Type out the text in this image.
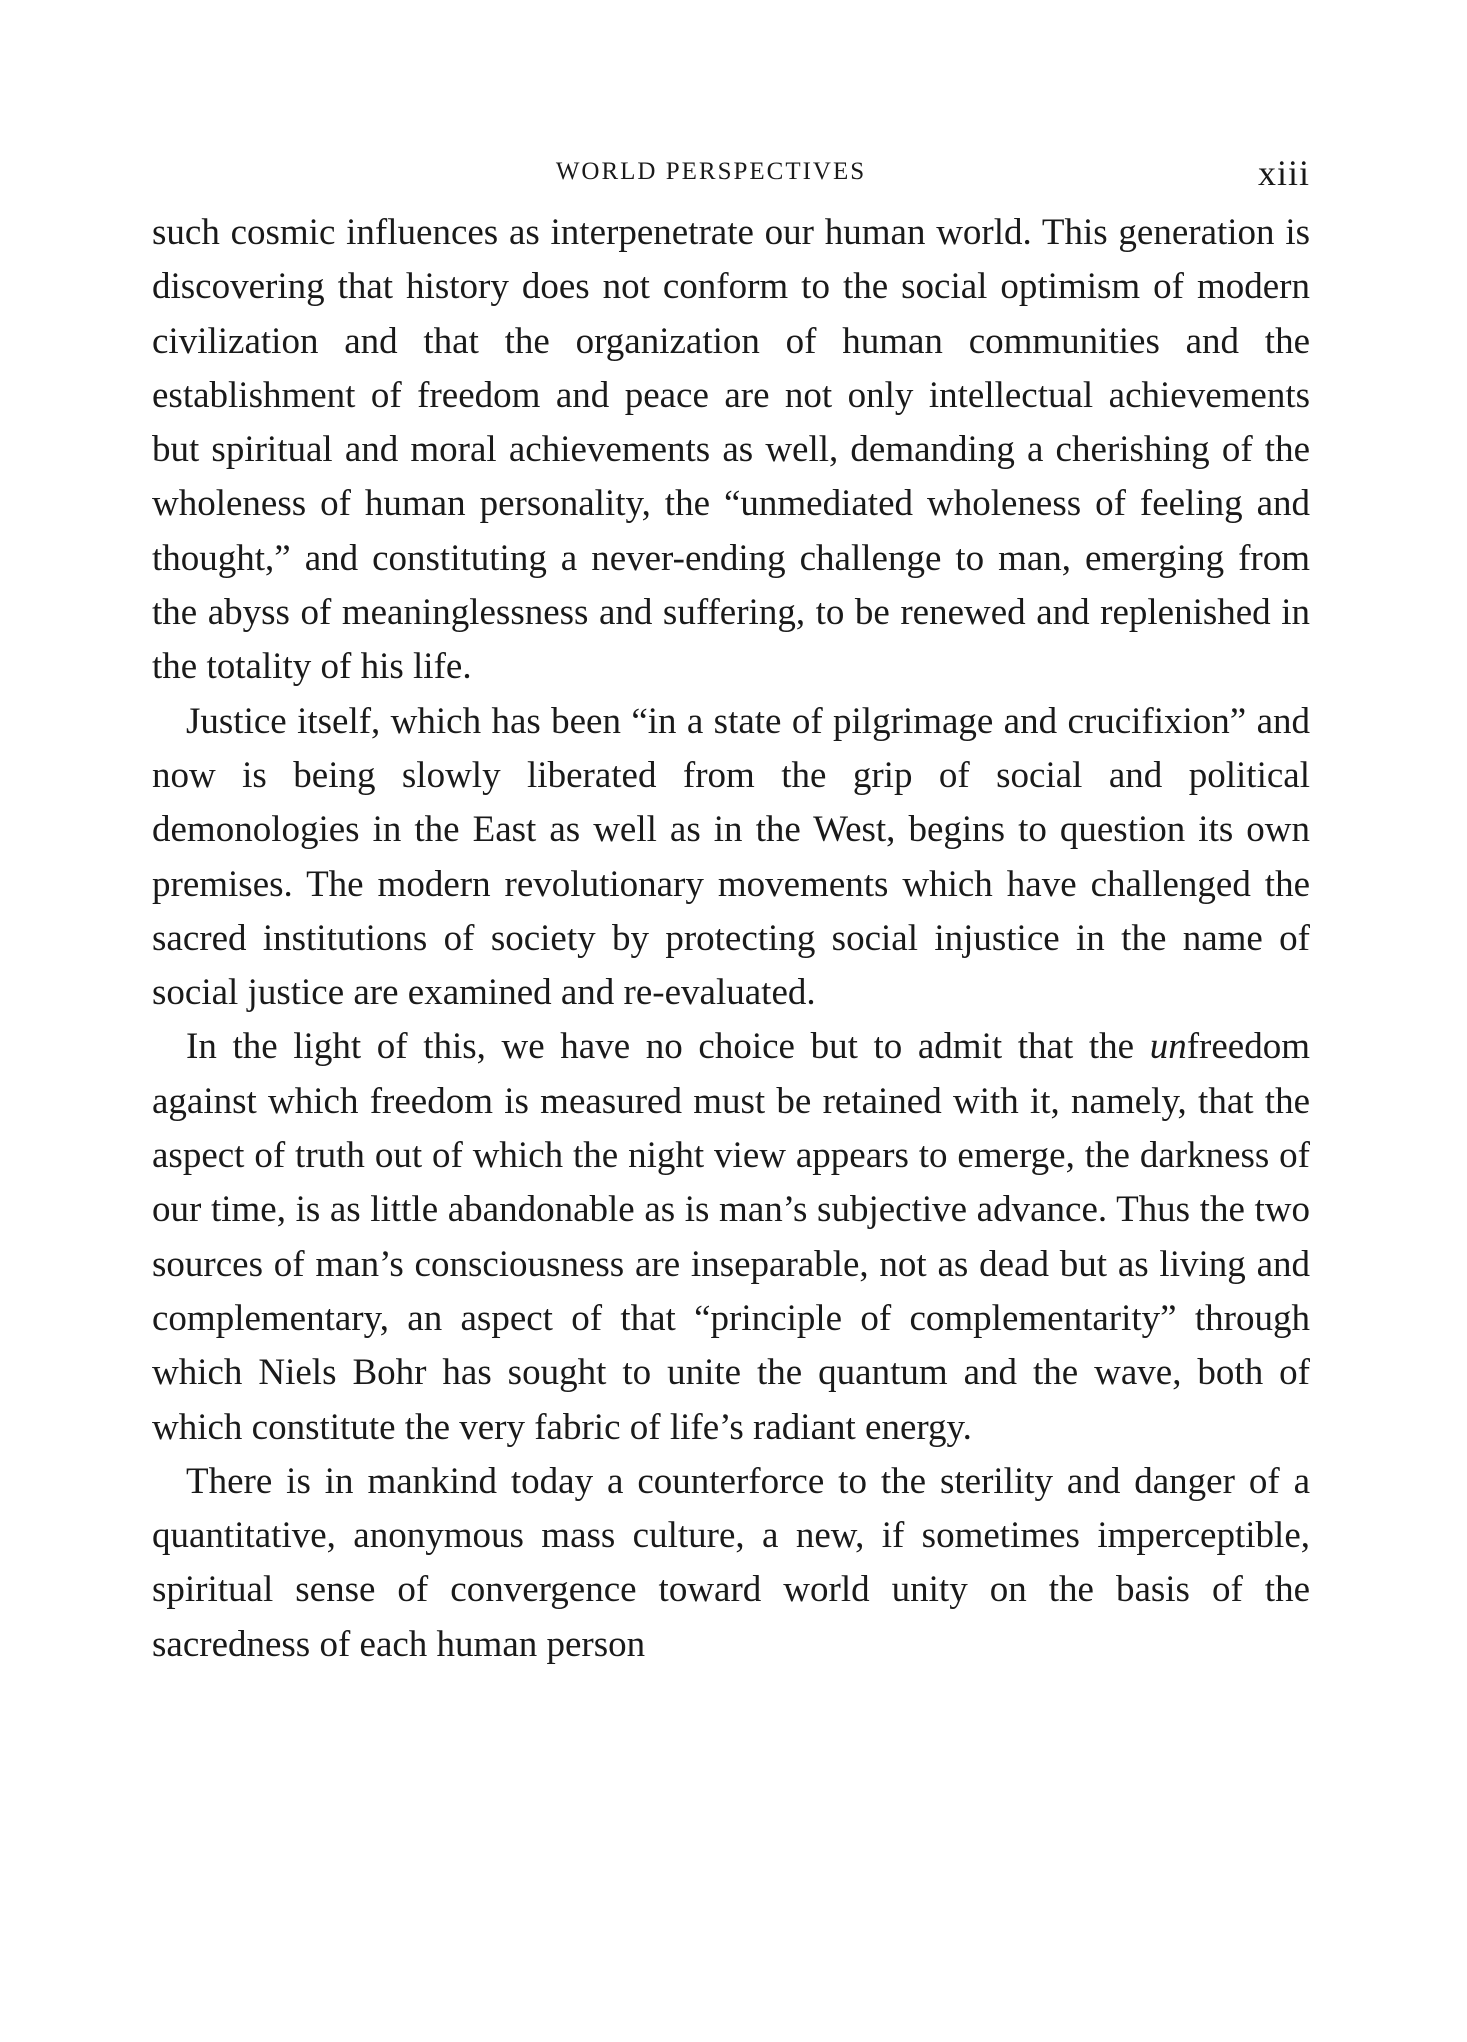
WORLD PERSPECTIVES	xiii

such cosmic influences as interpenetrate our human world. This generation is discovering that history does not conform to the social optimism of modern civilization and that the organization of human communities and the establishment of freedom and peace are not only intellectual achievements but spiritual and moral achievements as well, demanding a cherishing of the wholeness of human personality, the “unmediated wholeness of feeling and thought,” and constituting a never-ending challenge to man, emerging from the abyss of meaninglessness and suffering, to be renewed and replenished in the totality of his life.

Justice itself, which has been “in a state of pilgrimage and crucifixion” and now is being slowly liberated from the grip of social and political demonologies in the East as well as in the West, begins to question its own premises. The modern revolutionary movements which have challenged the sacred institutions of society by protecting social injustice in the name of social justice are examined and re-evaluated.

In the light of this, we have no choice but to admit that the unfreedom against which freedom is measured must be retained with it, namely, that the aspect of truth out of which the night view appears to emerge, the darkness of our time, is as little abandonable as is man’s subjective advance. Thus the two sources of man’s consciousness are inseparable, not as dead but as living and complementary, an aspect of that “principle of complementarity” through which Niels Bohr has sought to unite the quantum and the wave, both of which constitute the very fabric of life’s radiant energy.

There is in mankind today a counterforce to the sterility and danger of a quantitative, anonymous mass culture, a new, if sometimes imperceptible, spiritual sense of convergence toward world unity on the basis of the sacredness of each human person
